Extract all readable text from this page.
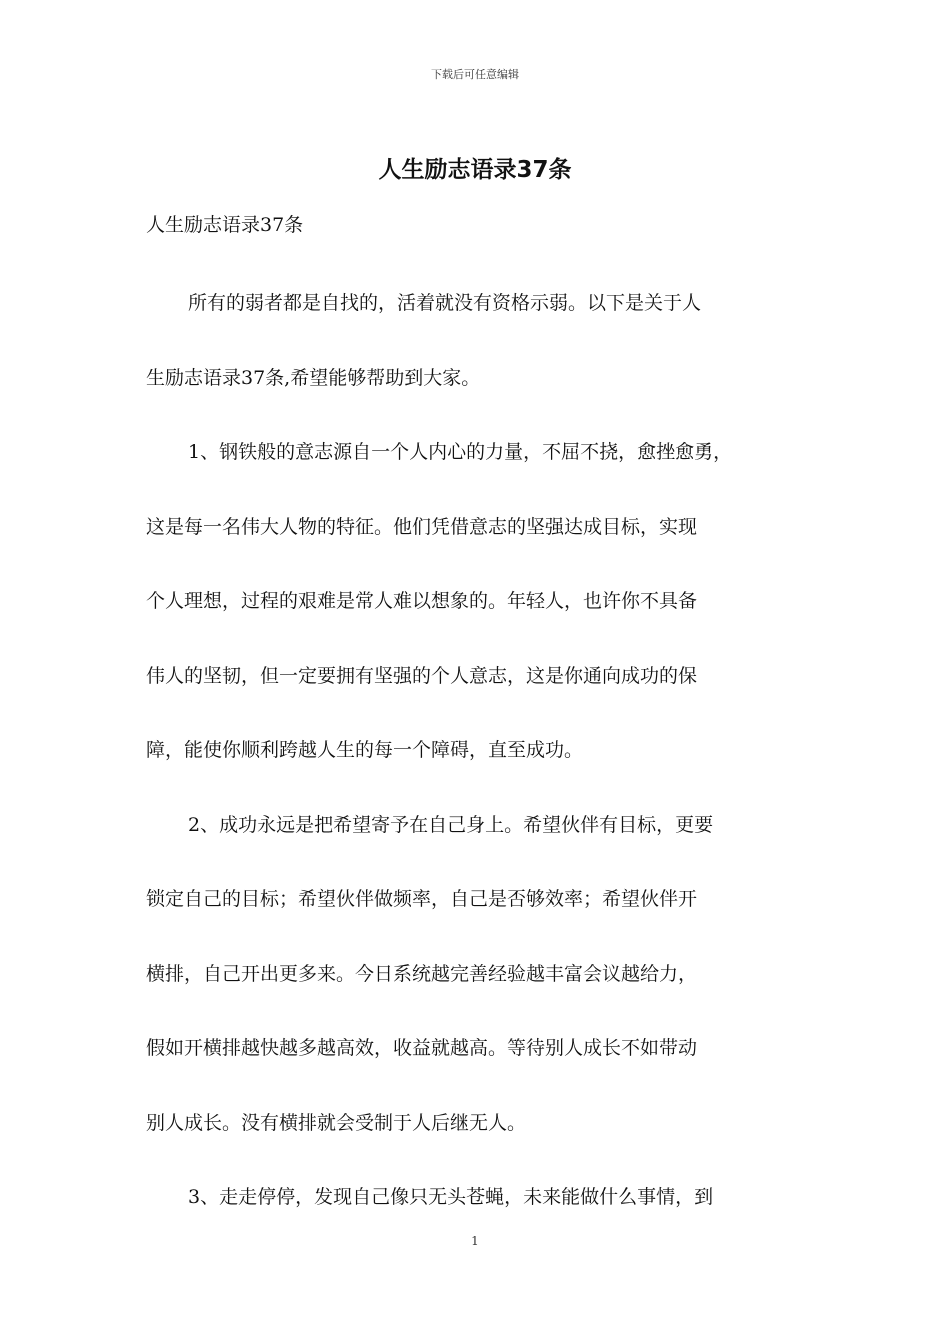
下载后可任意编辑
人生励志语录37条
人生励志语录37条
所有的弱者都是自找的，活着就没有资格示弱。以下是关于人
生励志语录37条,希望能够帮助到大家。
1、钢铁般的意志源自一个人内心的力量，不屈不挠，愈挫愈勇，
这是每一名伟大人物的特征。他们凭借意志的坚强达成目标，实现
个人理想，过程的艰难是常人难以想象的。年轻人，也许你不具备
伟人的坚韧，但一定要拥有坚强的个人意志，这是你通向成功的保
障，能使你顺利跨越人生的每一个障碍，直至成功。
2、成功永远是把希望寄予在自己身上。希望伙伴有目标，更要
锁定自己的目标；希望伙伴做频率，自己是否够效率；希望伙伴开
横排，自己开出更多来。今日系统越完善经验越丰富会议越给力，
假如开横排越快越多越高效，收益就越高。等待别人成长不如带动
别人成长。没有横排就会受制于人后继无人。
3、走走停停，发现自己像只无头苍蝇，未来能做什么事情，到
1
